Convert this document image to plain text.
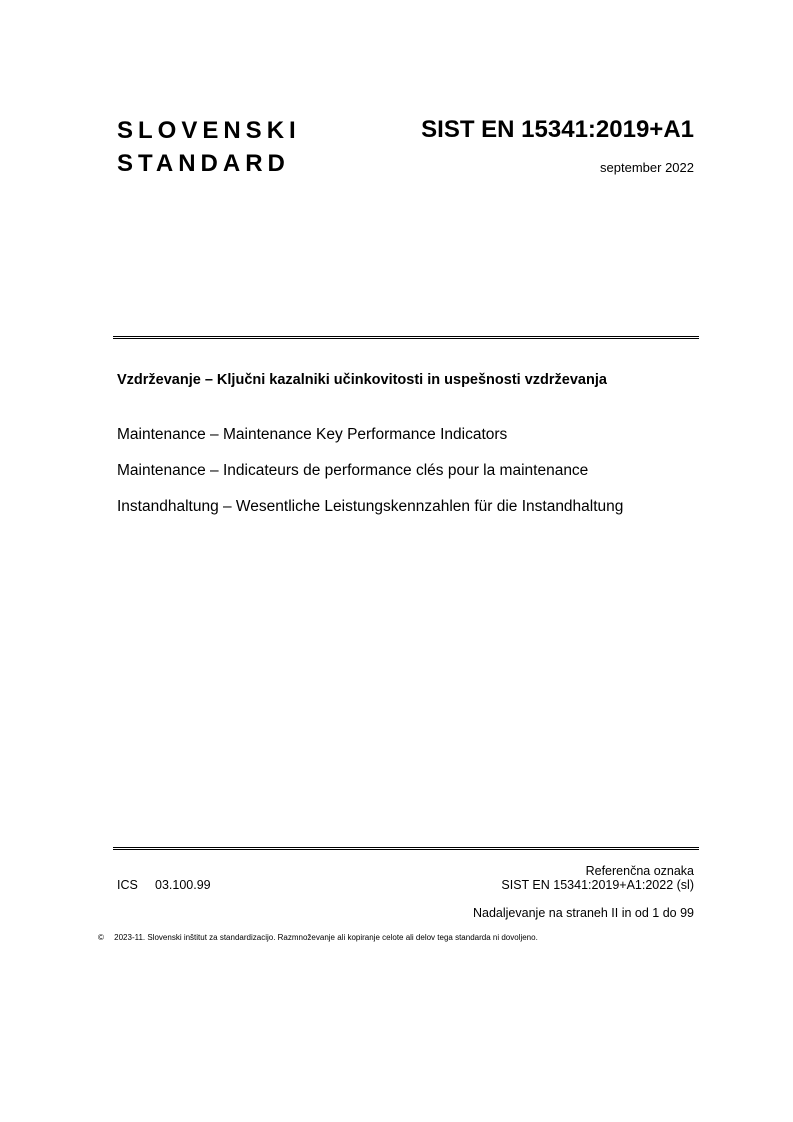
SLOVENSKI
STANDARD
SIST EN 15341:2019+A1
september 2022
Vzdrževanje – Ključni kazalniki učinkovitosti in uspešnosti vzdrževanja
Maintenance – Maintenance Key Performance Indicators
Maintenance – Indicateurs de performance clés pour la maintenance
Instandhaltung – Wesentliche Leistungskennzahlen für die Instandhaltung
ICS 03.100.99
Referenčna oznaka
SIST EN 15341:2019+A1:2022 (sl)
Nadaljevanje na straneh II in od 1 do 99
© 2023-11. Slovenski inštitut za standardizacijo. Razmnoževanje ali kopiranje celote ali delov tega standarda ni dovoljeno.
